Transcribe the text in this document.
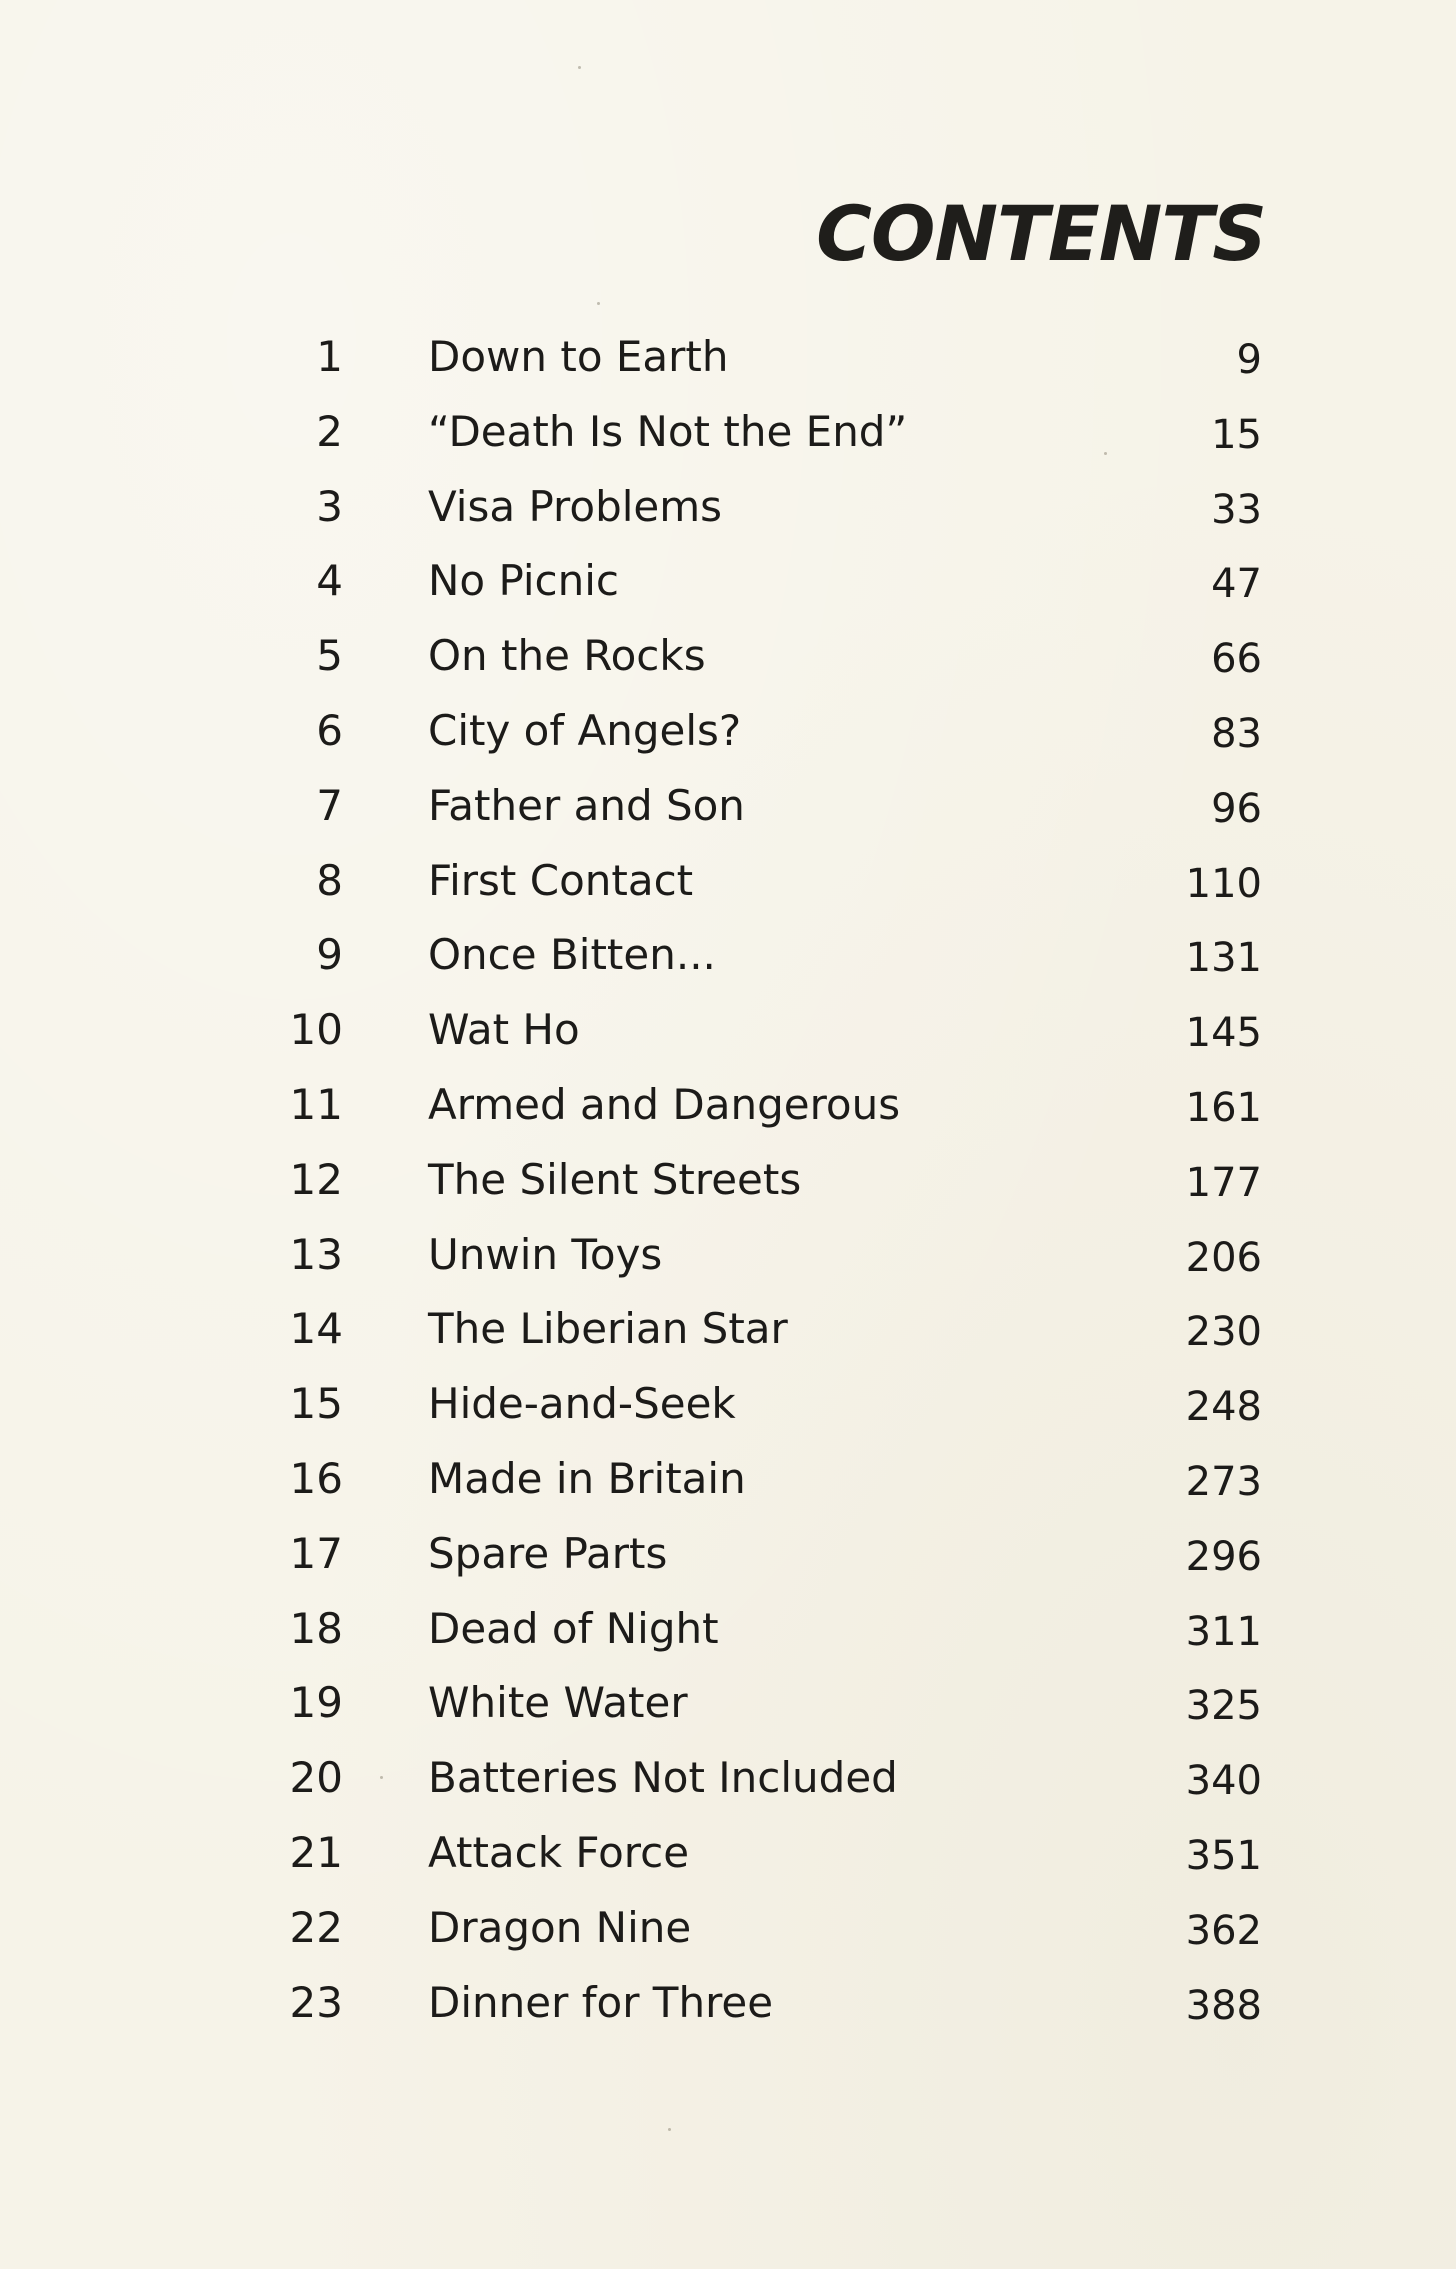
CONTENTS
1 Down to Earth	9
2 “Death Is Not the End”	15
3 Visa Problems	33
4 No Picnic	47
5 On the Rocks	66
6 City of Angels?	83
7 Father and Son	96
8 First Contact	110
9 Once Bitten...	131
10 Wat Ho	145
11 Armed and Dangerous	161
12 The Silent Streets	177
13 Unwin Toys	206
14 The Liberian Star	230
15 Hide-and-Seek	248
16 Made in Britain	273
17 Spare Parts	296
18 Dead of Night	311
19 White Water	325
20 Batteries Not Included	340
21 Attack Force	351
22 Dragon Nine	362
23 Dinner for Three	388
